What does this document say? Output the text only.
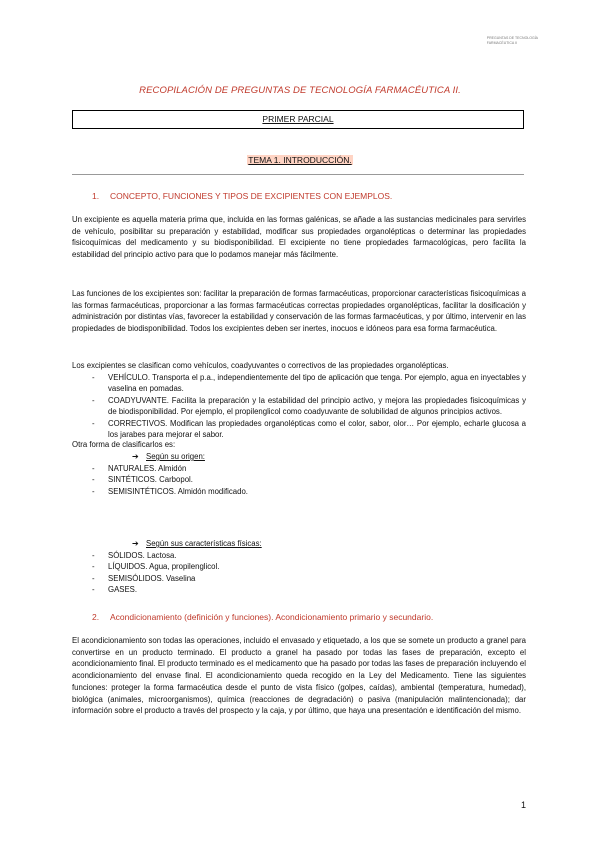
PREGUNTAS DE TECNOLOGÍA
FARMACÉUTICA II
RECOPILACIÓN DE PREGUNTAS DE TECNOLOGÍA FARMACÉUTICA II.
PRIMER PARCIAL
TEMA 1. INTRODUCCIÓN.
1. CONCEPTO, FUNCIONES Y TIPOS DE EXCIPIENTES CON EJEMPLOS.
Un excipiente es aquella materia prima que, incluida en las formas galénicas, se añade a las sustancias medicinales para servirles de vehículo, posibilitar su preparación y estabilidad, modificar sus propiedades organolépticas o determinar las propiedades fisicoquímicas del medicamento y su biodisponibilidad. El excipiente no tiene propiedades farmacológicas, pero facilita la estabilidad del principio activo para que lo podamos manejar más fácilmente.
Las funciones de los excipientes son: facilitar la preparación de formas farmacéuticas, proporcionar características fisicoquímicas a las formas farmacéuticas, proporcionar a las formas farmacéuticas correctas propiedades organolépticas, facilitar la dosificación y administración por distintas vías, favorecer la estabilidad y conservación de las formas farmacéuticas, y por último, intervenir en las propiedades de biodisponibilidad. Todos los excipientes deben ser inertes, inocuos e idóneos para esa forma farmacéutica.
Los excipientes se clasifican como vehículos, coadyuvantes o correctivos de las propiedades organolépticas.
- VEHÍCULO. Transporta el p.a., independientemente del tipo de aplicación que tenga. Por ejemplo, agua en inyectables y vaselina en pomadas.
- COADYUVANTE. Facilita la preparación y la estabilidad del principio activo, y mejora las propiedades fisicoquímicas y de biodisponibilidad. Por ejemplo, el propilenglicol como coadyuvante de solubilidad de algunos principios activos.
- CORRECTIVOS. Modifican las propiedades organolépticas como el color, sabor, olor… Por ejemplo, echarle glucosa a los jarabes para mejorar el sabor.
Otra forma de clasificarlos es:
➔ Según su origen:
- NATURALES. Almidón
- SINTÉTICOS. Carbopol.
- SEMISINTÉTICOS. Almidón modificado.
➔ Según sus características físicas:
- SÓLIDOS. Lactosa.
- LÍQUIDOS. Agua, propilenglicol.
- SEMISÓLIDOS. Vaselina
- GASES.
2. Acondicionamiento (definición y funciones). Acondicionamiento primario y secundario.
El acondicionamiento son todas las operaciones, incluido el envasado y etiquetado, a los que se somete un producto a granel para convertirse en un producto terminado. El producto a granel ha pasado por todas las fases de preparación, excepto el acondicionamiento final. El producto terminado es el medicamento que ha pasado por todas las fases de preparación incluyendo el acondicionamiento del envase final. El acondicionamiento queda recogido en la Ley del Medicamento. Tiene las siguientes funciones: proteger la forma farmacéutica desde el punto de vista físico (golpes, caídas), ambiental (temperatura, humedad), biológica (animales, microorganismos), química (reacciones de degradación) o pasiva (manipulación malintencionada); dar información sobre el producto a través del prospecto y la caja, y por último, que haya una presentación e identificación del mismo.
1
